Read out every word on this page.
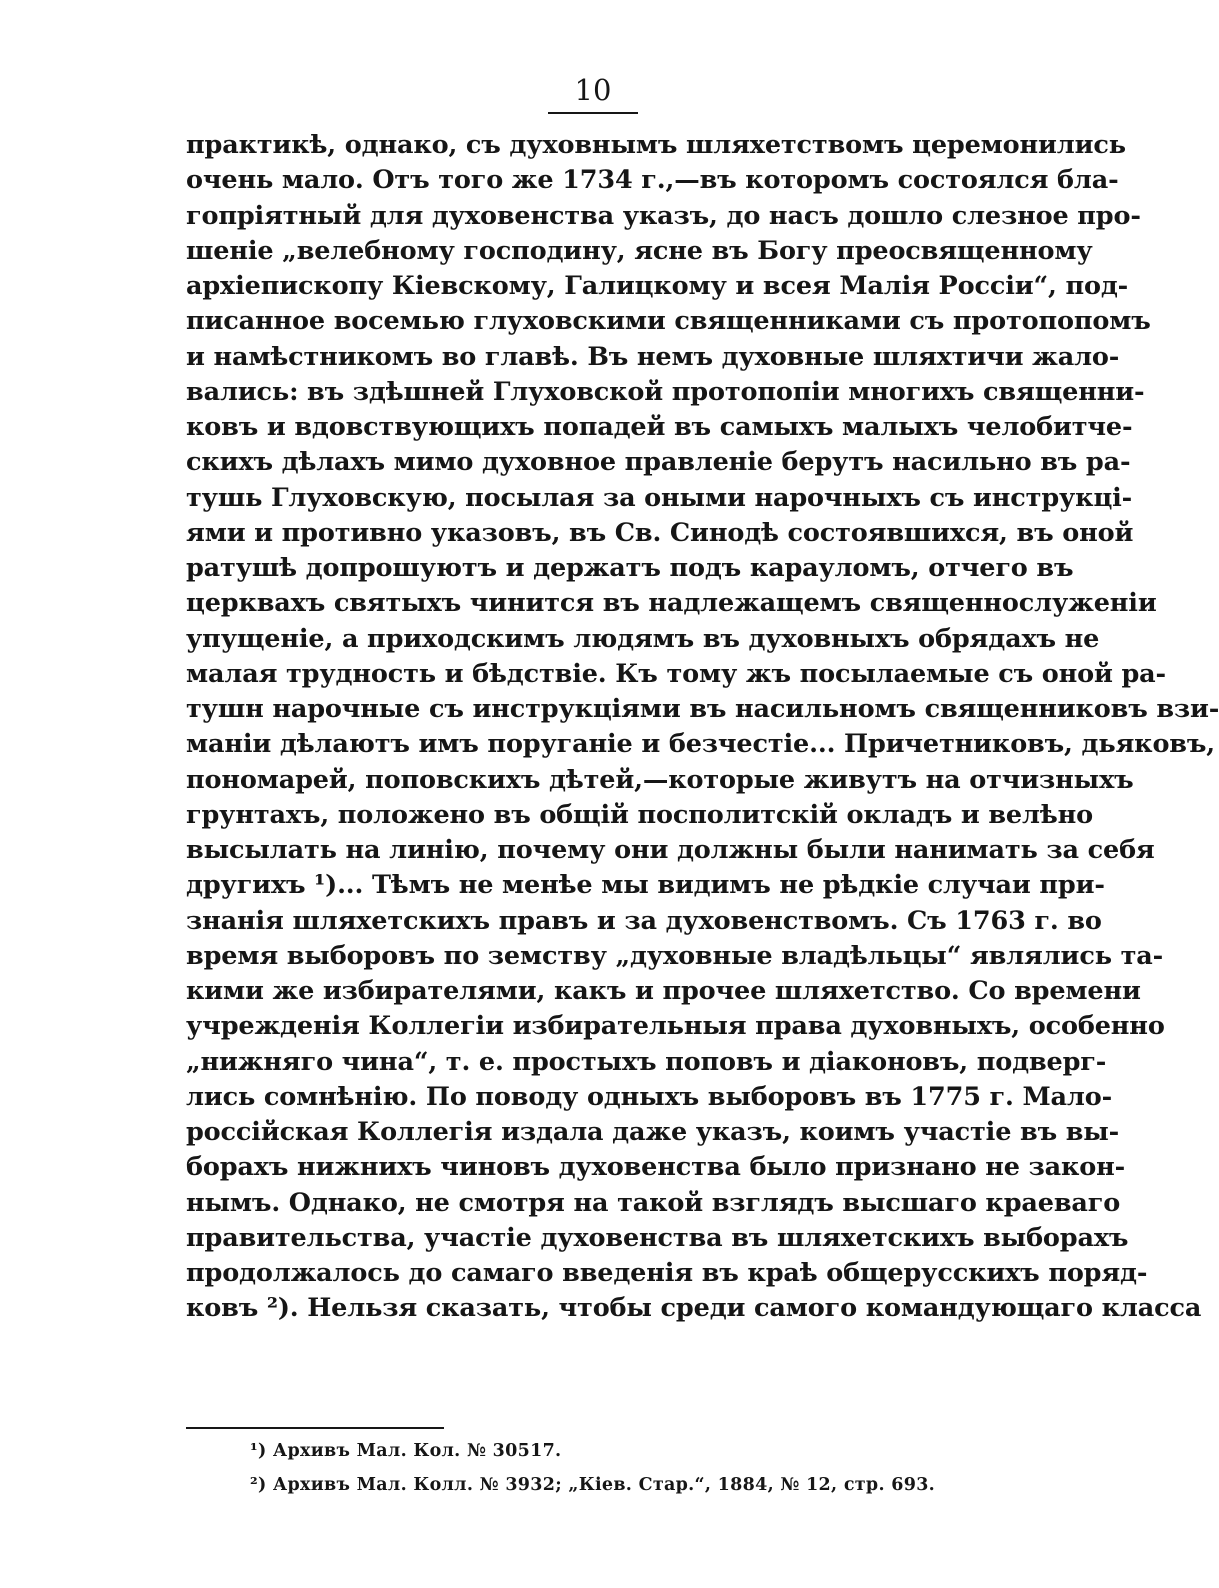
10
практикѣ, однако, съ духовнымъ шляхетствомъ церемонились
очень мало. Отъ того же 1734 г.,—въ которомъ состоялся бла-
гопріятный для духовенства указъ, до насъ дошло слезное про-
шеніе „велебному господину, ясне въ Богу преосвященному
архіепископу Кіевскому, Галицкому и всея Малія Россіи“, под-
писанное восемью глуховскими священниками съ протопопомъ
и намѣстникомъ во главѣ. Въ немъ духовные шляхтичи жало-
вались: въ здѣшней Глуховской протопопіи многихъ священни-
ковъ и вдовствующихъ попадей въ самыхъ малыхъ челобитче-
скихъ дѣлахъ мимо духовное правленіе берутъ насильно въ ра-
тушь Глуховскую, посылая за оными нарочныхъ съ инструкці-
ями и противно указовъ, въ Св. Синодѣ состоявшихся, въ оной
ратушѣ допрошуютъ и держатъ подъ карауломъ, отчего въ
церквахъ святыхъ чинится въ надлежащемъ священнослуженіи
упущеніе, а приходскимъ людямъ въ духовныхъ обрядахъ не
малая трудность и бѣдствіе. Къ тому жъ посылаемые съ оной ра-
тушн нарочные съ инструкціями въ насильномъ священниковъ взи-
маніи дѣлаютъ имъ поруганіе и безчестіе... Причетниковъ, дьяковъ,
пономарей, поповскихъ дѣтей,—которые живутъ на отчизныхъ
грунтахъ, положено въ общій посполитскій окладъ и велѣно
высылать на линію, почему они должны были нанимать за себя
другихъ ¹)... Тѣмъ не менѣе мы видимъ не рѣдкіе случаи при-
знанія шляхетскихъ правъ и за духовенствомъ. Съ 1763 г. во
время выборовъ по земству „духовные владѣльцы“ являлись та-
кими же избирателями, какъ и прочее шляхетство. Со времени
учрежденія Коллегіи избирательныя права духовныхъ, особенно
„нижняго чина“, т. е. простыхъ поповъ и діаконовъ, подверг-
лись сомнѣнію. По поводу одныхъ выборовъ въ 1775 г. Мало-
россійская Коллегія издала даже указъ, коимъ участіе въ вы-
борахъ нижнихъ чиновъ духовенства было признано не закон-
нымъ. Однако, не смотря на такой взглядъ высшаго краеваго
правительства, участіе духовенства въ шляхетскихъ выборахъ
продолжалось до самаго введенія въ краѣ общерусскихъ поряд-
ковъ ²). Нельзя сказать, чтобы среди самого командующаго класса
¹) Архивъ Мал. Кол. № 30517.
²) Архивъ Мал. Колл. № 3932; „Кіев. Стар.“, 1884, № 12, стр. 693.
